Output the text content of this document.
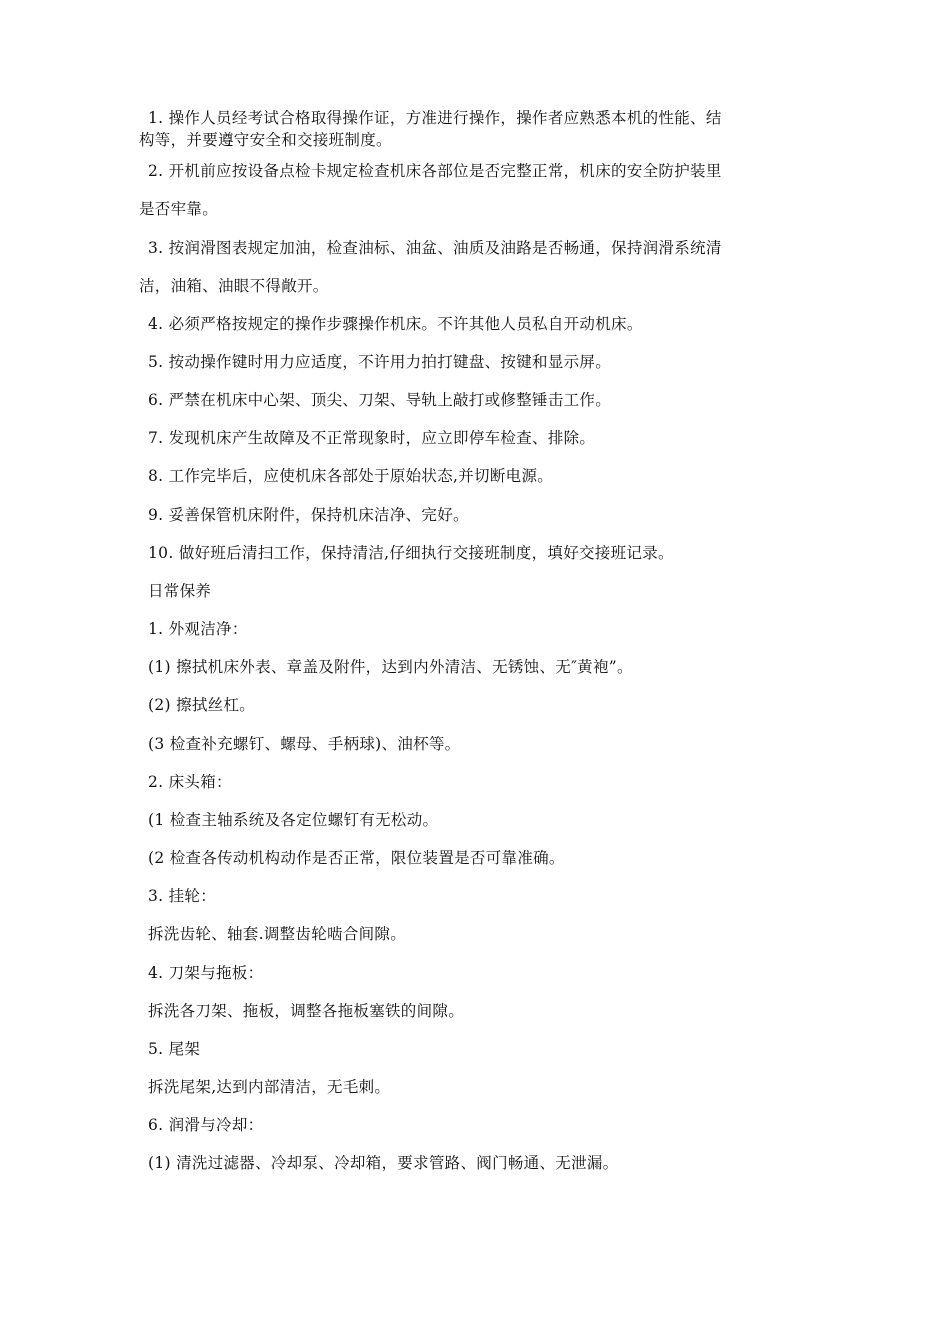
1. 操作人员经考试合格取得操作证，方准进行操作，操作者应熟悉本机的性能、结
构等，并要遵守安全和交接班制度。
2. 开机前应按设备点检卡规定检查机床各部位是否完整正常，机床的安全防护装里
是否牢靠。
3. 按润滑图表规定加油，检查油标、油盆、油质及油路是否畅通，保持润滑系统清
洁，油箱、油眼不得敞开。
4. 必须严格按规定的操作步骤操作机床。不许其他人员私自开动机床。
5. 按动操作键时用力应适度，不许用力拍打键盘、按键和显示屏。
6. 严禁在机床中心架、顶尖、刀架、导轨上敲打或修整锤击工作。
7. 发现机床产生故障及不正常现象时，应立即停车检查、排除。
8. 工作完毕后，应使机床各部处于原始状态,并切断电源。
9. 妥善保管机床附件，保持机床洁净、完好。
10. 做好班后清扫工作，保持清洁,仔细执行交接班制度，填好交接班记录。
日常保养
1. 外观洁净：
(1) 擦拭机床外表、章盖及附件，达到内外清洁、无锈蚀、无″黄袍”。
(2) 擦拭丝杠。
(3 检查补充螺钉、螺母、手柄球)、油杯等。
2. 床头箱：
(1 检查主轴系统及各定位螺钉有无松动。
(2 检查各传动机构动作是否正常，限位装置是否可靠准确。
3. 挂轮：
拆洗齿轮、轴套.调整齿轮啮合间隙。
4. 刀架与拖板：
拆洗各刀架、拖板，调整各拖板塞铁的间隙。
5. 尾架
拆洗尾架,达到内部清洁，无毛刺。
6. 润滑与冷却：
(1) 清洗过滤器、冷却泵、冷却箱，要求管路、阀门畅通、无泄漏。
